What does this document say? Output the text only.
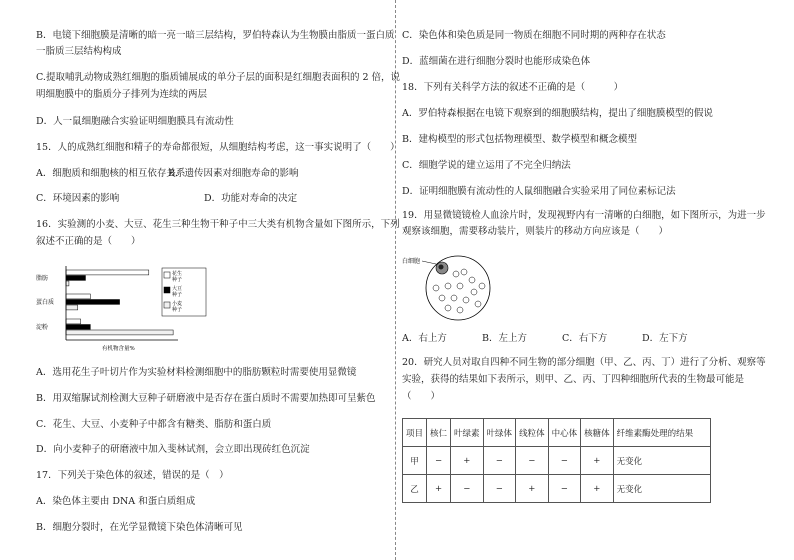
B．电镜下细胞膜是清晰的暗一亮一暗三层结构，罗伯特森认为生物膜由脂质一蛋白质
一脂质三层结构构成
C.提取哺乳动物成熟红细胞的脂质铺展成的单分子层的面积是红细胞表面积的 2 倍，说
明细胞膜中的脂质分子排列为连续的两层
D．人一鼠细胞融合实验证明细胞膜具有流动性
15．人的成熟红细胞和精子的寿命都很短，从细胞结构考虑，这一事实说明了（　　）
A．细胞质和细胞核的相互依存关系
B．遗传因素对细胞寿命的影响
C．环境因素的影响	D．功能对寿命的决定
16．实验测的小麦、大豆、花生三种生物干种子中三大类有机物含量如下图所示，下列
叙述不正确的是（　　）
脂肪
蛋白质
淀粉
有机物含量%
花生
种子
大豆
种子
小麦
种子
A．选用花生子叶切片作为实验材料检测细胞中的脂肪颗粒时需要使用显微镜
B．用双缩脲试剂检测大豆种子研磨液中是否存在蛋白质时不需要加热即可呈紫色
C．花生、大豆、小麦种子中都含有糖类、脂肪和蛋白质
D．向小麦种子的研磨液中加入斐林试剂，会立即出现砖红色沉淀
17．下列关于染色体的叙述，错误的是（　）
A．染色体主要由 DNA 和蛋白质组成
B．细胞分裂时，在光学显微镜下染色体清晰可见
C．染色体和染色质是同一物质在细胞不同时期的两种存在状态
D．蓝细菌在进行细胞分裂时也能形成染色体
18．下列有关科学方法的叙述不正确的是（　　　）
A．罗伯特森根据在电镜下观察到的细胞膜结构，提出了细胞膜模型的假说
B．建构模型的形式包括物理模型、数学模型和概念模型
C．细胞学说的建立运用了不完全归纳法
D．证明细胞膜有流动性的人鼠细胞融合实验采用了同位素标记法
19．用显微镜镜检人血涂片时，发现视野内有一清晰的白细胞，如下图所示，为进一步
观察该细胞，需要移动装片，则装片的移动方向应该是（　　）
白细胞
A．右上方	B．左上方	C．右下方	D．左下方
20．研究人员对取自四种不同生物的部分细胞（甲、乙、丙、丁）进行了分析、观察等
实验，获得的结果如下表所示，则甲、乙、丙、丁四种细胞所代表的生物最可能是
（　　）
项目	核仁	叶绿素	叶绿体	线粒体	中心体	核糖体	纤维素酶处理的结果
甲	−	+	−	−	−	+	无变化
乙	+	−	−	+	−	+	无变化
